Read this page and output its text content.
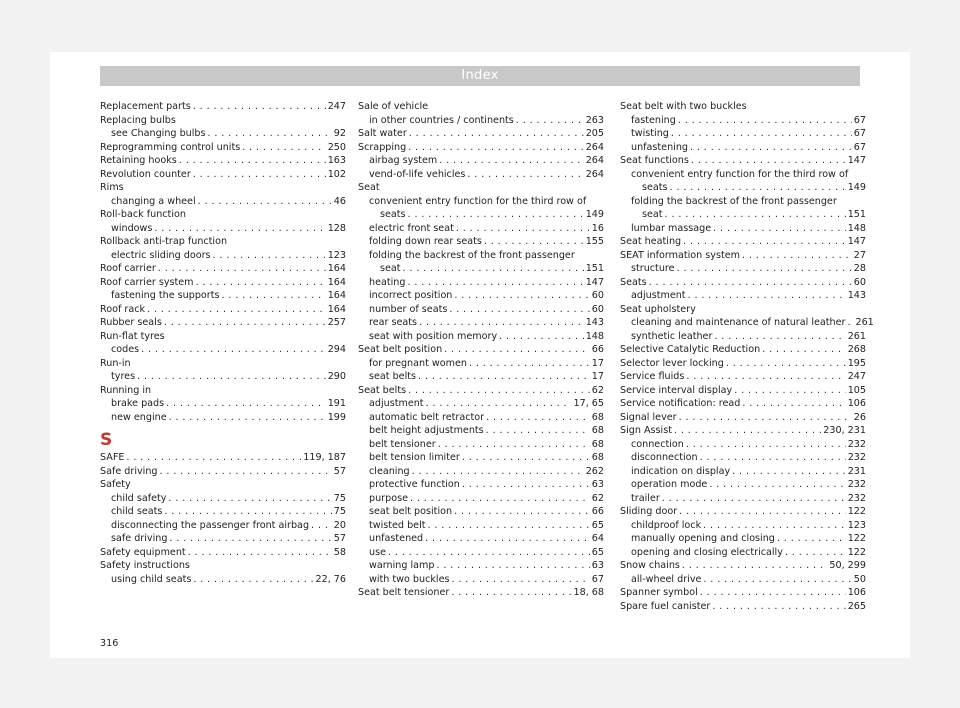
Index
Replacement parts . . .	247
Replacing bulbs
see Changing bulbs . . .	92
Reprogramming control units . . .	250
Retaining hooks . . .	163
Revolution counter . . .	102
Rims
changing a wheel . . .	46
Roll-back function
windows . . .	128
Rollback anti-trap function
electric sliding doors . . .	123
Roof carrier . . .	164
Roof carrier system . . .	164
fastening the supports . . .	164
Roof rack . . .	164
Rubber seals . . .	257
Run-flat tyres
codes . . .	294
Run-in
tyres . . .	290
Running in
brake pads . . .	191
new engine . . .	199
S
SAFE . . .	119, 187
Safe driving . . .	57
Safety
child safety . . .	75
child seats . . .	75
disconnecting the passenger front airbag . . .	20
safe driving . . .	57
Safety equipment . . .	58
Safety instructions
using child seats . . .	22, 76
Sale of vehicle
in other countries / continents . . .	263
Salt water . . .	205
Scrapping . . .	264
airbag system . . .	264
vend-of-life vehicles . . .	264
Seat
convenient entry function for the third row of
seats . . .	149
electric front seat . . .	16
folding down rear seats . . .	155
folding the backrest of the front passenger
seat . . .	151
heating . . .	147
incorrect position . . .	60
number of seats . . .	60
rear seats . . .	143
seat with position memory . . .	148
Seat belt position . . .	66
for pregnant women . . .	17
seat belts . . .	17
Seat belts . . .	62
adjustment . . .	17, 65
automatic belt retractor . . .	68
belt height adjustments . . .	68
belt tensioner . . .	68
belt tension limiter . . .	68
cleaning . . .	262
protective function . . .	63
purpose . . .	62
seat belt position . . .	66
twisted belt . . .	65
unfastened . . .	64
use . . .	65
warning lamp . . .	63
with two buckles . . .	67
Seat belt tensioner . . .	18, 68
Seat belt with two buckles
fastening . . .	67
twisting . . .	67
unfastening . . .	67
Seat functions . . .	147
convenient entry function for the third row of
seats . . .	149
folding the backrest of the front passenger
seat . . .	151
lumbar massage . . .	148
Seat heating . . .	147
SEAT information system . . .	27
structure . . .	28
Seats . . .	60
adjustment . . .	143
Seat upholstery
cleaning and maintenance of natural leather . . . 261
synthetic leather . . .	261
Selective Catalytic Reduction . . .	268
Selector lever locking . . .	195
Service fluids . . .	247
Service interval display . . .	105
Service notification: read . . .	106
Signal lever . . .	26
Sign Assist . . .	230, 231
connection . . .	232
disconnection . . .	232
indication on display . . .	231
operation mode . . .	232
trailer . . .	232
Sliding door . . .	122
childproof lock . . .	123
manually opening and closing . . .	122
opening and closing electrically . . .	122
Snow chains . . .	50, 299
all-wheel drive . . .	50
Spanner symbol . . .	106
Spare fuel canister . . .	265
316
